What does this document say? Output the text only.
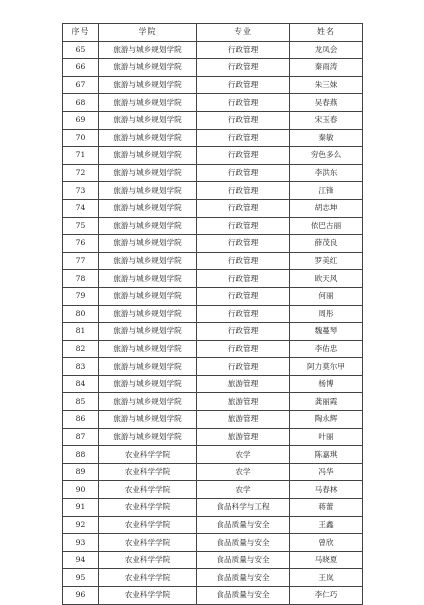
序号	学院	专业	姓名
65	旅游与城乡规划学院	行政管理	龙凤会
66	旅游与城乡规划学院	行政管理	秦雨涛
67	旅游与城乡规划学院	行政管理	朱三妹
68	旅游与城乡规划学院	行政管理	吴春燕
69	旅游与城乡规划学院	行政管理	宋玉春
70	旅游与城乡规划学院	行政管理	秦敏
71	旅游与城乡规划学院	行政管理	穷色多么
72	旅游与城乡规划学院	行政管理	李洪东
73	旅游与城乡规划学院	行政管理	江锋
74	旅游与城乡规划学院	行政管理	胡志坤
75	旅游与城乡规划学院	行政管理	依巴古丽
76	旅游与城乡规划学院	行政管理	薛茂良
77	旅游与城乡规划学院	行政管理	罗美红
78	旅游与城乡规划学院	行政管理	欧天风
79	旅游与城乡规划学院	行政管理	何丽
80	旅游与城乡规划学院	行政管理	周彤
81	旅游与城乡规划学院	行政管理	魏蔓琴
82	旅游与城乡规划学院	行政管理	李佑忠
83	旅游与城乡规划学院	行政管理	阿力莫尔甲
84	旅游与城乡规划学院	旅游管理	杨博
85	旅游与城乡规划学院	旅游管理	龚丽霞
86	旅游与城乡规划学院	旅游管理	陶永辉
87	旅游与城乡规划学院	旅游管理	叶丽
88	农业科学学院	农学	陈嘉琪
89	农业科学学院	农学	冯华
90	农业科学学院	农学	马春林
91	农业科学学院	食品科学与工程	蒋蕾
92	农业科学学院	食品质量与安全	王鑫
93	农业科学学院	食品质量与安全	曾欣
94	农业科学学院	食品质量与安全	马晓夏
95	农业科学学院	食品质量与安全	王岚
96	农业科学学院	食品质量与安全	李仁巧
